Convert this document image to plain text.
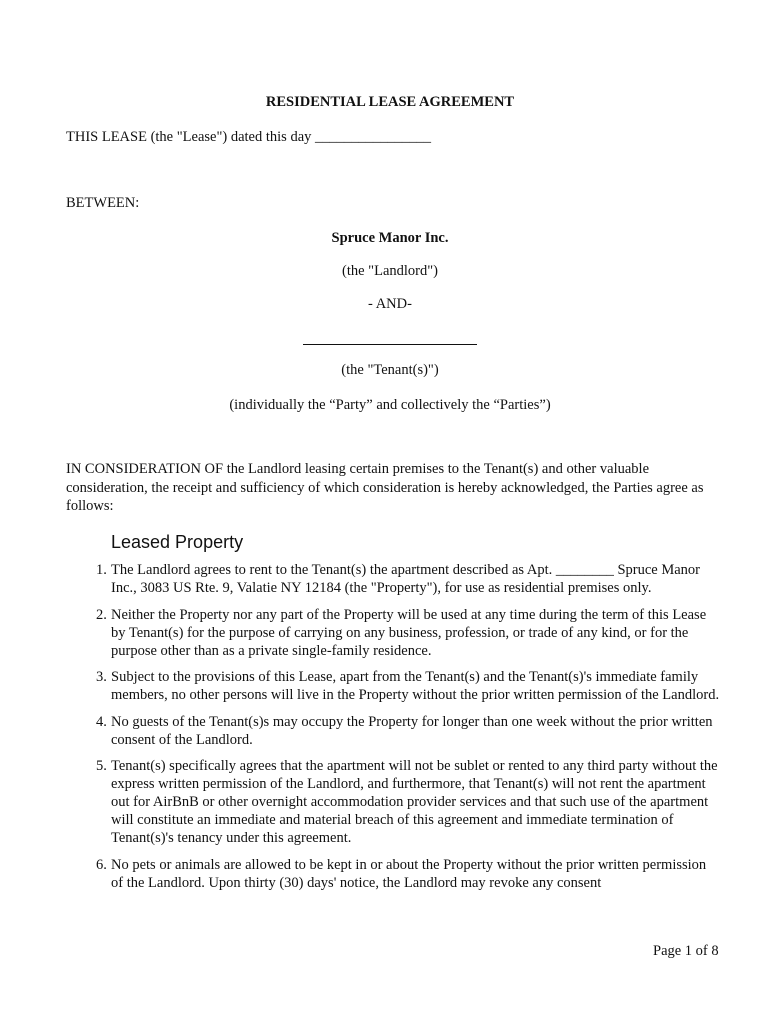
RESIDENTIAL LEASE AGREEMENT
THIS LEASE (the "Lease") dated this day ________________
BETWEEN:
Spruce Manor Inc.
(the "Landlord")
- AND-
(the "Tenant(s)")
(individually the “Party” and collectively the “Parties”)
IN CONSIDERATION OF the Landlord leasing certain premises to the Tenant(s) and other valuable consideration, the receipt and sufficiency of which consideration is hereby acknowledged, the Parties agree as follows:
Leased Property
1. The Landlord agrees to rent to the Tenant(s) the apartment described as Apt. ________ Spruce Manor Inc., 3083 US Rte. 9, Valatie NY 12184 (the "Property"), for use as residential premises only.
2. Neither the Property nor any part of the Property will be used at any time during the term of this Lease by Tenant(s) for the purpose of carrying on any business, profession, or trade of any kind, or for the purpose other than as a private single-family residence.
3. Subject to the provisions of this Lease, apart from the Tenant(s) and the Tenant(s)'s immediate family members, no other persons will live in the Property without the prior written permission of the Landlord.
4. No guests of the Tenant(s)s may occupy the Property for longer than one week without the prior written consent of the Landlord.
5. Tenant(s) specifically agrees that the apartment will not be sublet or rented to any third party without the express written permission of the Landlord, and furthermore, that Tenant(s) will not rent the apartment out for AirBnB or other overnight accommodation provider services and that such use of the apartment will constitute an immediate and material breach of this agreement and immediate termination of Tenant(s)'s tenancy under this agreement.
6. No pets or animals are allowed to be kept in or about the Property without the prior written permission of the Landlord. Upon thirty (30) days' notice, the Landlord may revoke any consent
Page 1 of 8
